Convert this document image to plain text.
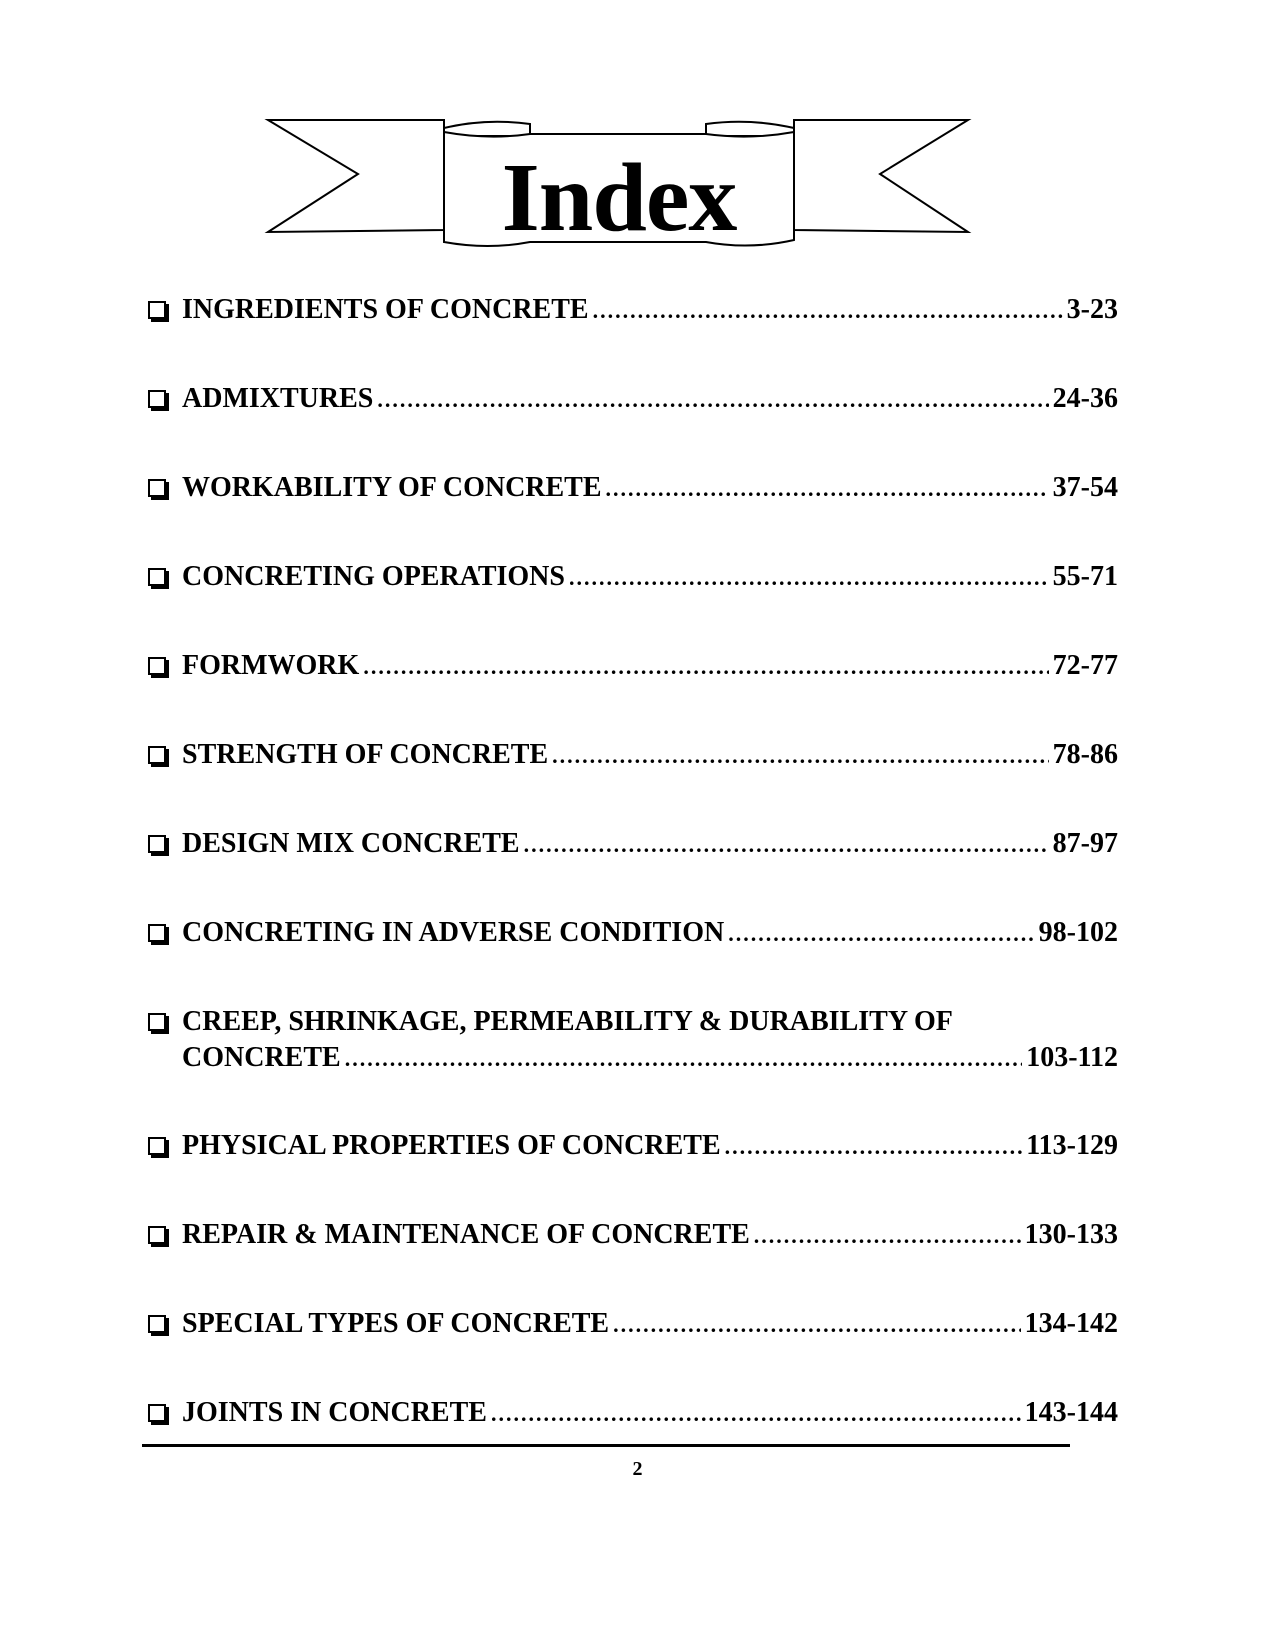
Index
INGREDIENTS OF CONCRETE .....	3-23
ADMIXTURES .....	24-36
WORKABILITY OF CONCRETE .....	37-54
CONCRETING OPERATIONS .....	55-71
FORMWORK .....	72-77
STRENGTH OF CONCRETE .....	78-86
DESIGN MIX CONCRETE .....	87-97
CONCRETING IN ADVERSE CONDITION .....	98-102
CREEP, SHRINKAGE, PERMEABILITY & DURABILITY OF
CONCRETE .....	103-112
PHYSICAL PROPERTIES OF CONCRETE .....	113-129
REPAIR & MAINTENANCE OF CONCRETE .....	130-133
SPECIAL TYPES OF CONCRETE .....	134-142
JOINTS IN CONCRETE .....	143-144
2
